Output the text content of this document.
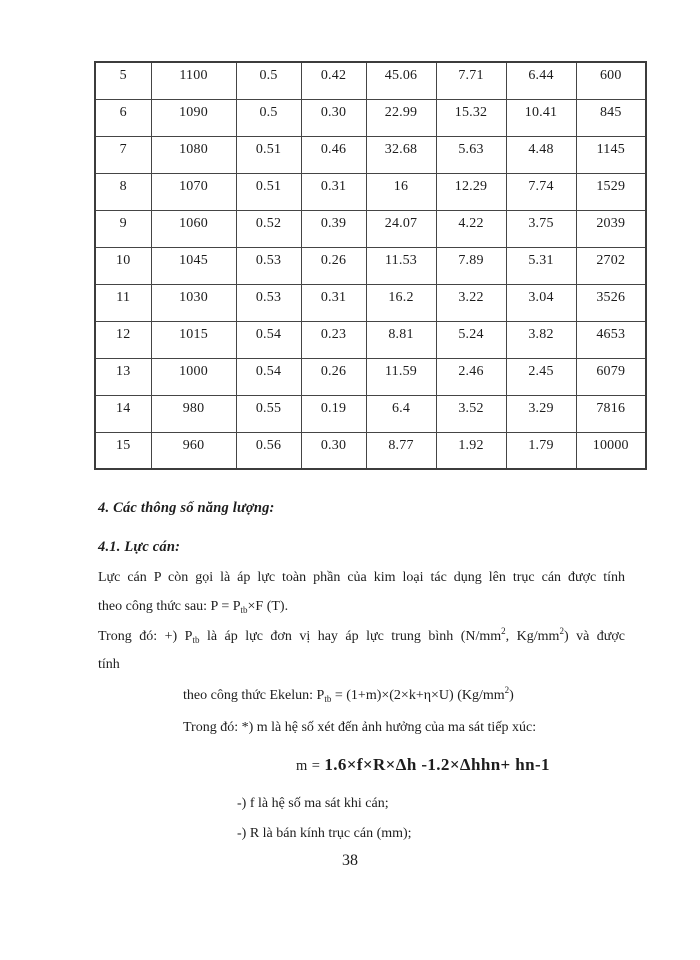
5	1100	0.5	0.42	45.06	7.71	6.44	600
6	1090	0.5	0.30	22.99	15.32	10.41	845
7	1080	0.51	0.46	32.68	5.63	4.48	1145
8	1070	0.51	0.31	16	12.29	7.74	1529
9	1060	0.52	0.39	24.07	4.22	3.75	2039
10	1045	0.53	0.26	11.53	7.89	5.31	2702
11	1030	0.53	0.31	16.2	3.22	3.04	3526
12	1015	0.54	0.23	8.81	5.24	3.82	4653
13	1000	0.54	0.26	11.59	2.46	2.45	6079
14	980	0.55	0.19	6.4	3.52	3.29	7816
15	960	0.56	0.30	8.77	1.92	1.79	10000
4. Các thông số năng lượng:
4.1. Lực cán:
Lực cán P còn gọi là áp lực toàn phần của kim loại tác dụng lên trục cán được tính
theo công thức sau: $P = P_{tb}\times F$ (T).
Trong đó: +) $P_{tb}$ là áp lực đơn vị hay áp lực trung bình ($N/mm^2$, $Kg/mm^2$) và được
tính
theo công thức Ekelun: $P_{tb} = (1+m)\times(2\times k+\eta\times U)$ $(Kg/mm^2)$
Trong đó: *) m là hệ số xét đến ảnh hưởng của ma sát tiếp xúc:
m = 1.6×f×R×Δh -1.2×Δhhn+ hn-1
-) f là hệ số ma sát khi cán;
-) R là bán kính trục cán (mm);
38
